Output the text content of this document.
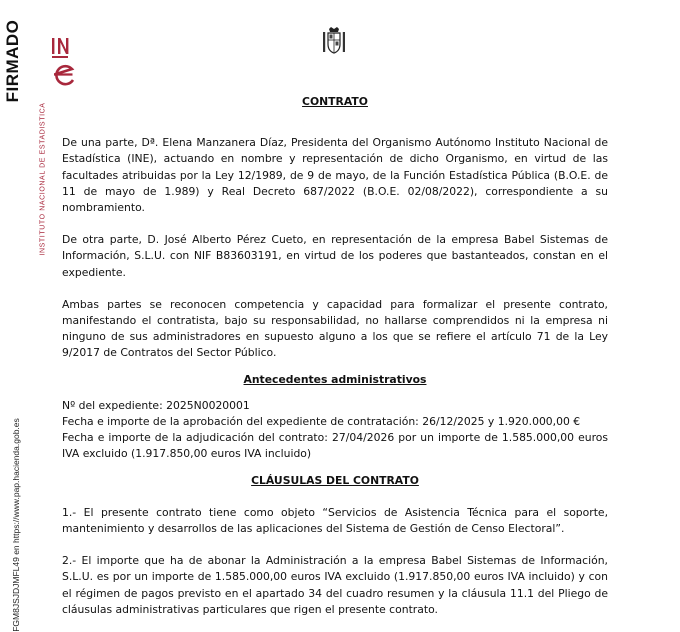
FIRMADO
FGM8JSJDJMFL49 en https://www.pap.hacienda.gob.es
INSTITUTO NACIONAL DE ESTADISTICA
CONTRATO

De una parte, Dª. Elena Manzanera Díaz, Presidenta del Organismo Autónomo Instituto Nacional de Estadística (INE), actuando en nombre y representación de dicho Organismo, en virtud de las facultades atribuidas por la Ley 12/1989, de 9 de mayo, de la Función Estadística Pública (B.O.E. de 11 de mayo de 1.989) y Real Decreto 687/2022 (B.O.E. 02/08/2022), correspondiente a su nombramiento.

De otra parte, D. José Alberto Pérez Cueto, en representación de la empresa Babel Sistemas de Información, S.L.U. con NIF B83603191, en virtud de los poderes que bastanteados, constan en el expediente.

Ambas partes se reconocen competencia y capacidad para formalizar el presente contrato, manifestando el contratista, bajo su responsabilidad, no hallarse comprendidos ni la empresa ni ninguno de sus administradores en supuesto alguno a los que se refiere el artículo 71 de la Ley 9/2017 de Contratos del Sector Público.

Antecedentes administrativos
Nº del expediente: 2025N0020001
Fecha e importe de la aprobación del expediente de contratación: 26/12/2025 y 1.920.000,00 €

Fecha e importe de la adjudicación del contrato: 27/04/2026 por un importe de 1.585.000,00 euros IVA excluido (1.917.850,00 euros IVA incluido)

CLÁUSULAS DEL CONTRATO

1.- El presente contrato tiene como objeto “Servicios de Asistencia Técnica para el soporte, mantenimiento y desarrollos de las aplicaciones del Sistema de Gestión de Censo Electoral”.

2.- El importe que ha de abonar la Administración a la empresa Babel Sistemas de Información, S.L.U. es por un importe de 1.585.000,00 euros IVA excluido (1.917.850,00 euros IVA incluido) y con el régimen de pagos previsto en el apartado 34 del cuadro resumen y la cláusula 11.1 del Pliego de cláusulas administrativas particulares que rigen el presente contrato.
